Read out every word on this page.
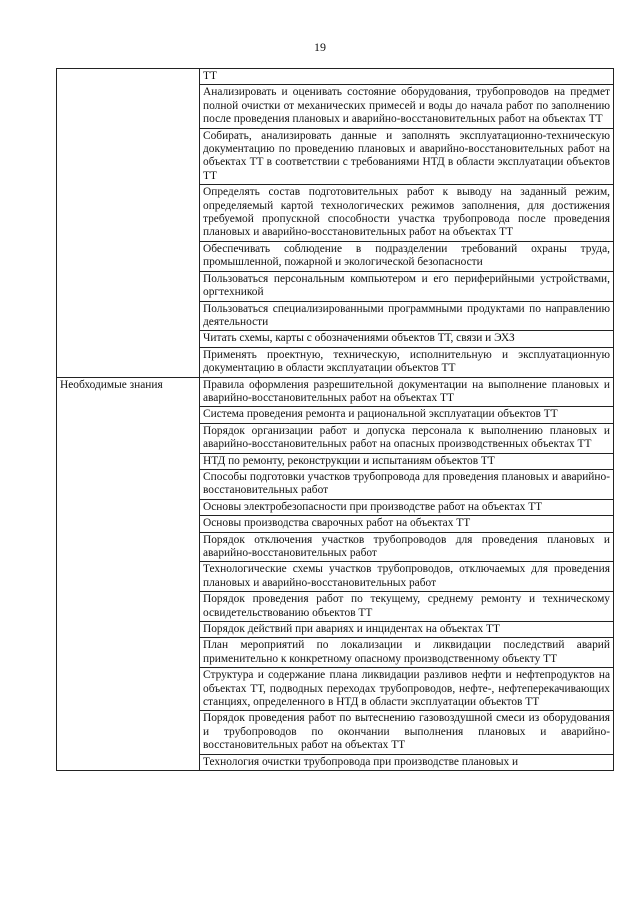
19
	ТТ
	Анализировать и оценивать состояние оборудования, трубопроводов на предмет полной очистки от механических примесей и воды до начала работ по заполнению после проведения плановых и аварийно-восстановительных работ на объектах ТТ
	Собирать, анализировать данные и заполнять эксплуатационно-техническую документацию по проведению плановых и аварийно-восстановительных работ на объектах ТТ в соответствии с требованиями НТД в области эксплуатации объектов ТТ
	Определять состав подготовительных работ к выводу на заданный режим, определяемый картой технологических режимов заполнения, для достижения требуемой пропускной способности участка трубопровода после проведения плановых и аварийно-восстановительных работ на объектах ТТ
	Обеспечивать соблюдение в подразделении требований охраны труда, промышленной, пожарной и экологической безопасности
	Пользоваться персональным компьютером и его периферийными устройствами, оргтехникой
	Пользоваться специализированными программными продуктами по направлению деятельности
	Читать схемы, карты с обозначениями объектов ТТ, связи и ЭХЗ
	Применять проектную, техническую, исполнительную и эксплуатационную документацию в области эксплуатации объектов ТТ
Необходимые знания	Правила оформления разрешительной документации на выполнение плановых и аварийно-восстановительных работ на объектах ТТ
	Система проведения ремонта и рациональной эксплуатации объектов ТТ
	Порядок организации работ и допуска персонала к выполнению плановых и аварийно-восстановительных работ на опасных производственных объектах ТТ
	НТД по ремонту, реконструкции и испытаниям объектов ТТ
	Способы подготовки участков трубопровода для проведения плановых и аварийно-восстановительных работ
	Основы электробезопасности при производстве работ на объектах ТТ
	Основы производства сварочных работ на объектах ТТ
	Порядок отключения участков трубопроводов для проведения плановых и аварийно-восстановительных работ
	Технологические схемы участков трубопроводов, отключаемых для проведения плановых и аварийно-восстановительных работ
	Порядок проведения работ по текущему, среднему ремонту и техническому освидетельствованию объектов ТТ
	Порядок действий при авариях и инцидентах на объектах ТТ
	План мероприятий по локализации и ликвидации последствий аварий применительно к конкретному опасному производственному объекту ТТ
	Структура и содержание плана ликвидации разливов нефти и нефтепродуктов на объектах ТТ, подводных переходах трубопроводов, нефте-, нефтеперекачивающих станциях, определенного в НТД в области эксплуатации объектов ТТ
	Порядок проведения работ по вытеснению газовоздушной смеси из оборудования и трубопроводов по окончании выполнения плановых и аварийно-восстановительных работ на объектах ТТ
	Технология очистки трубопровода при производстве плановых и
